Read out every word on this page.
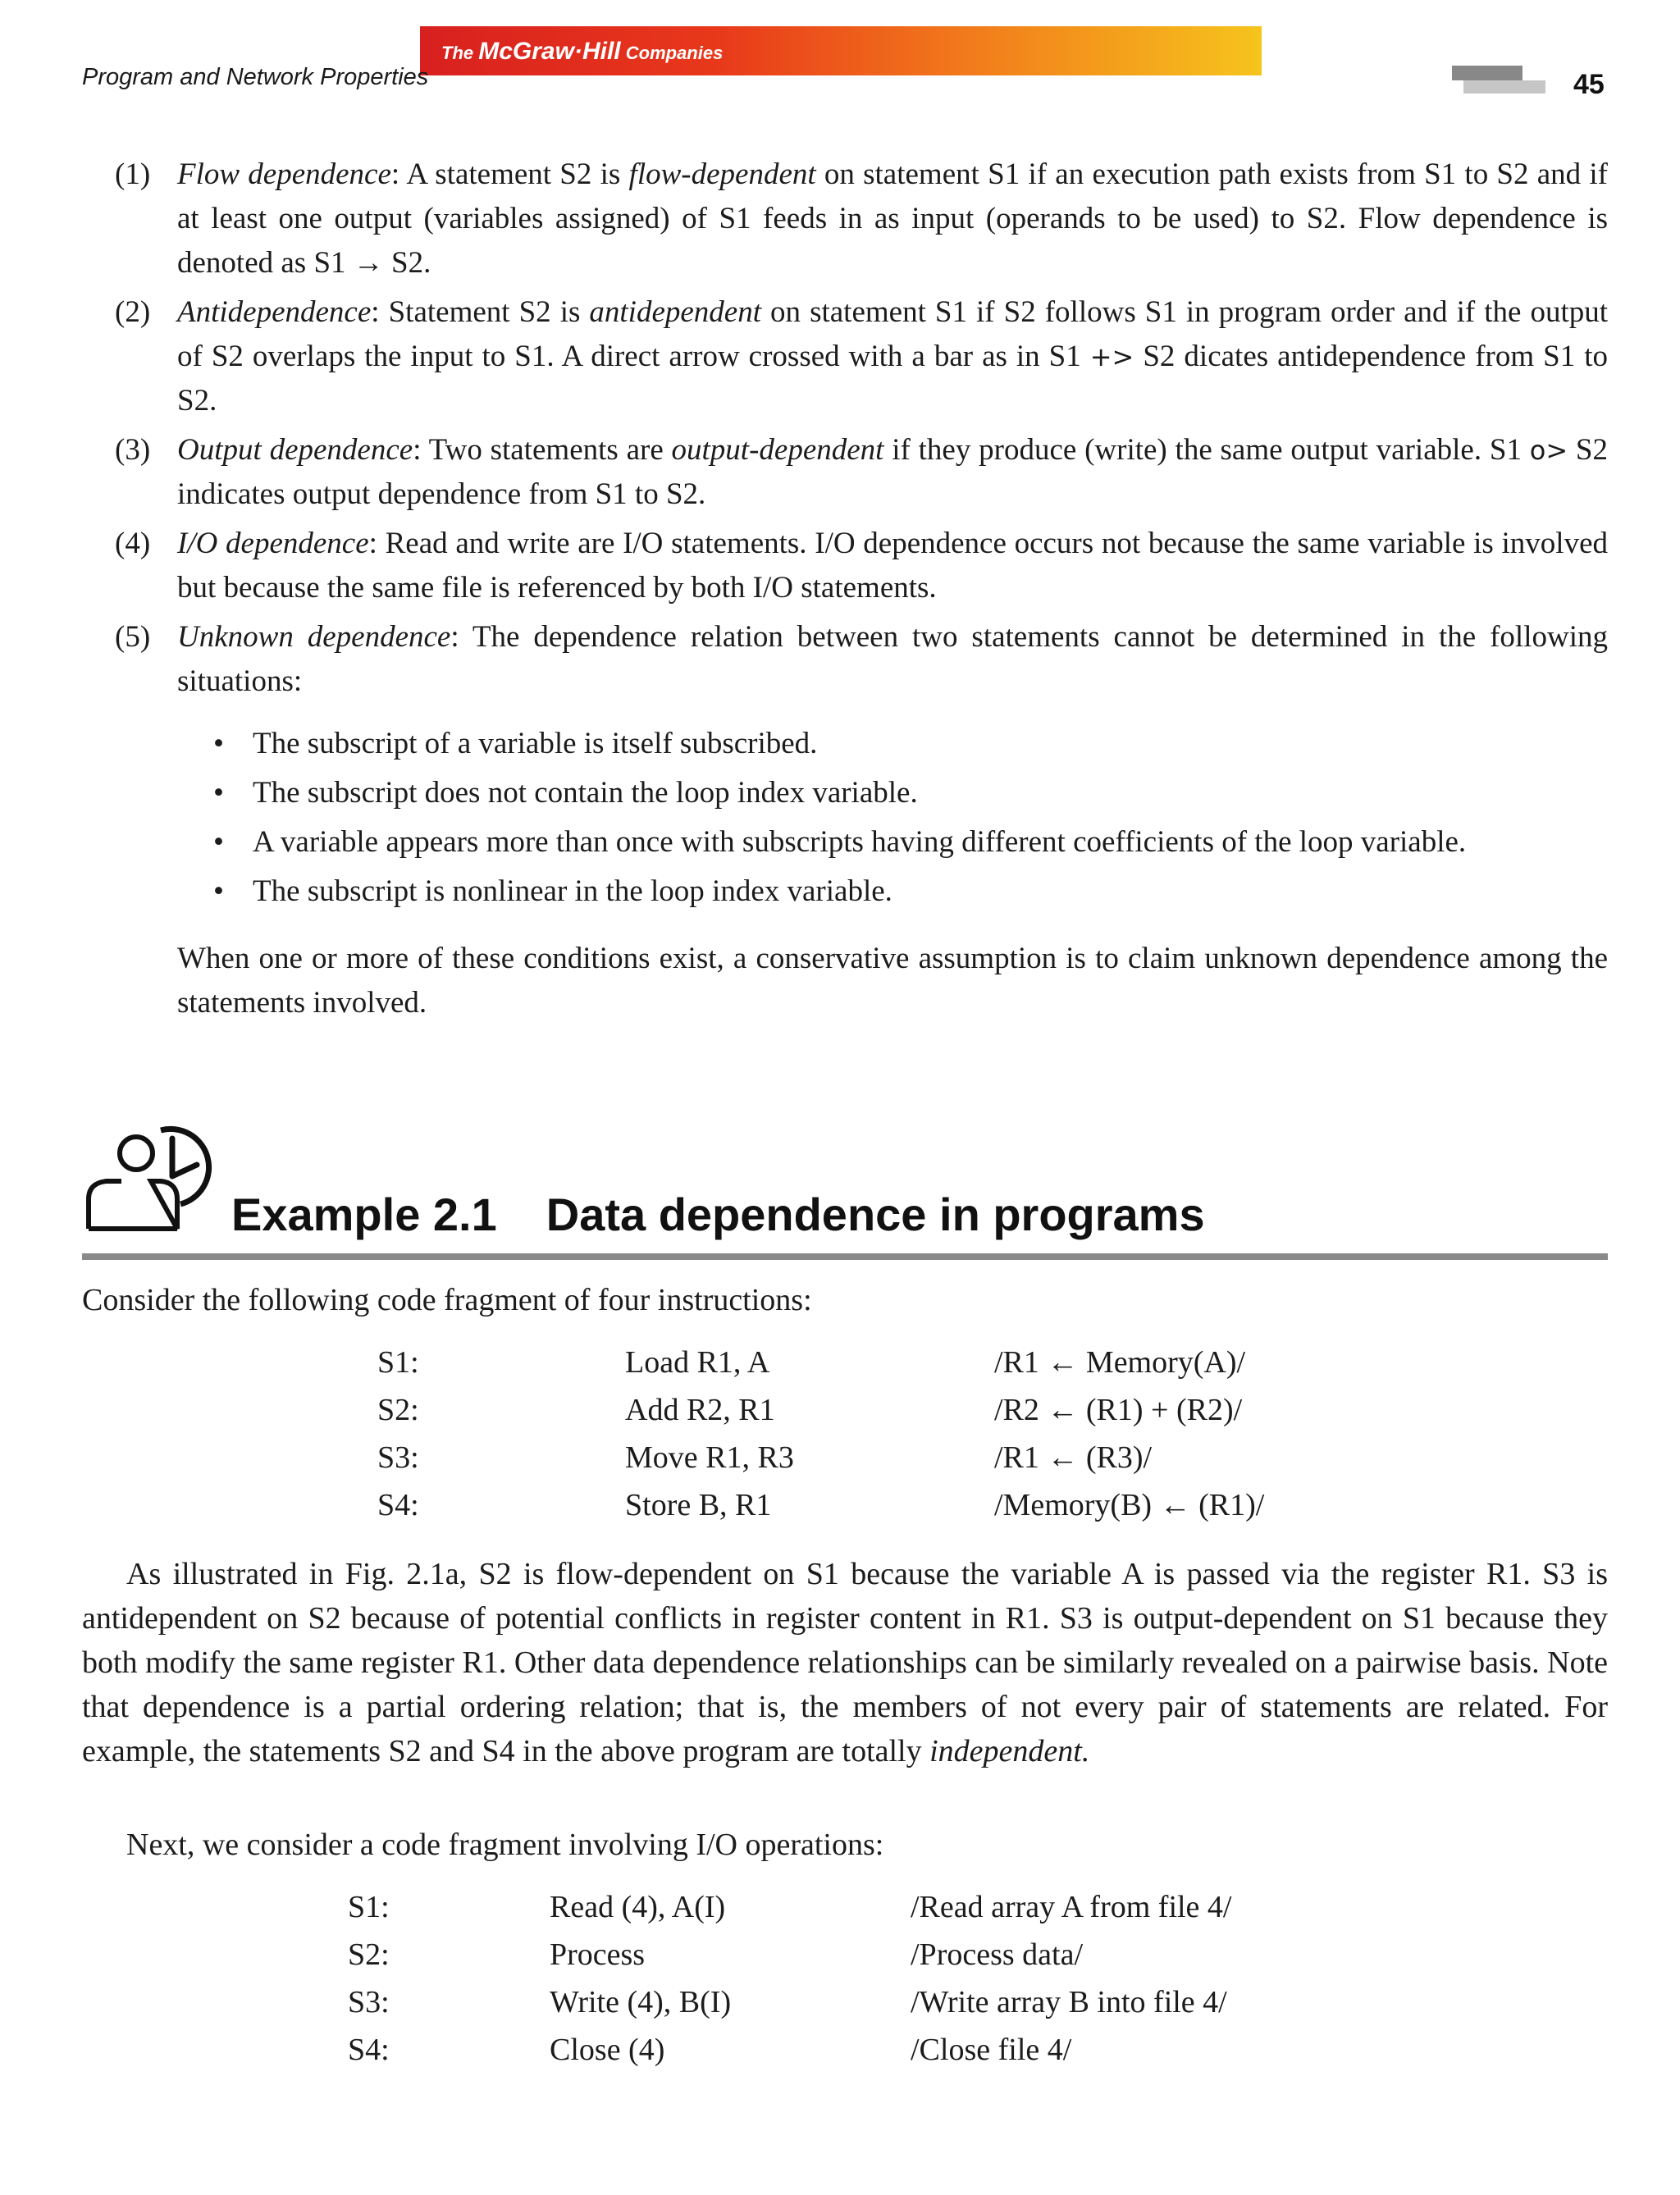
The McGraw·Hill Companies
Program and Network Properties	45
(1) Flow dependence: A statement S2 is flow-dependent on statement S1 if an execution path exists from S1 to S2 and if at least one output (variables assigned) of S1 feeds in as input (operands to be used) to S2. Flow dependence is denoted as S1 → S2.
(2) Antidependence: Statement S2 is antidependent on statement S1 if S2 follows S1 in program order and if the output of S2 overlaps the input to S1. A direct arrow crossed with a bar as in S1 +> S2 dicates antidependence from S1 to S2.
(3) Output dependence: Two statements are output-dependent if they produce (write) the same output variable. S1 o> S2 indicates output dependence from S1 to S2.
(4) I/O dependence: Read and write are I/O statements. I/O dependence occurs not because the same variable is involved but because the same file is referenced by both I/O statements.
(5) Unknown dependence: The dependence relation between two statements cannot be determined in the following situations:
• The subscript of a variable is itself subscribed.
• The subscript does not contain the loop index variable.
• A variable appears more than once with subscripts having different coefficients of the loop variable.
• The subscript is nonlinear in the loop index variable.
When one or more of these conditions exist, a conservative assumption is to claim unknown dependence among the statements involved.
Example 2.1 Data dependence in programs
Consider the following code fragment of four instructions:
S1:	Load R1, A	/R1 ← Memory(A)/
S2:	Add R2, R1	/R2 ← (R1) + (R2)/
S3:	Move R1, R3	/R1 ← (R3)/
S4:	Store B, R1	/Memory(B) ← (R1)/
As illustrated in Fig. 2.1a, S2 is flow-dependent on S1 because the variable A is passed via the register R1. S3 is antidependent on S2 because of potential conflicts in register content in R1. S3 is output-dependent on S1 because they both modify the same register R1. Other data dependence relationships can be similarly revealed on a pairwise basis. Note that dependence is a partial ordering relation; that is, the members of not every pair of statements are related. For example, the statements S2 and S4 in the above program are totally independent.
Next, we consider a code fragment involving I/O operations:
S1:	Read (4), A(I)	/Read array A from file 4/
S2:	Process	/Process data/
S3:	Write (4), B(I)	/Write array B into file 4/
S4:	Close (4)	/Close file 4/
